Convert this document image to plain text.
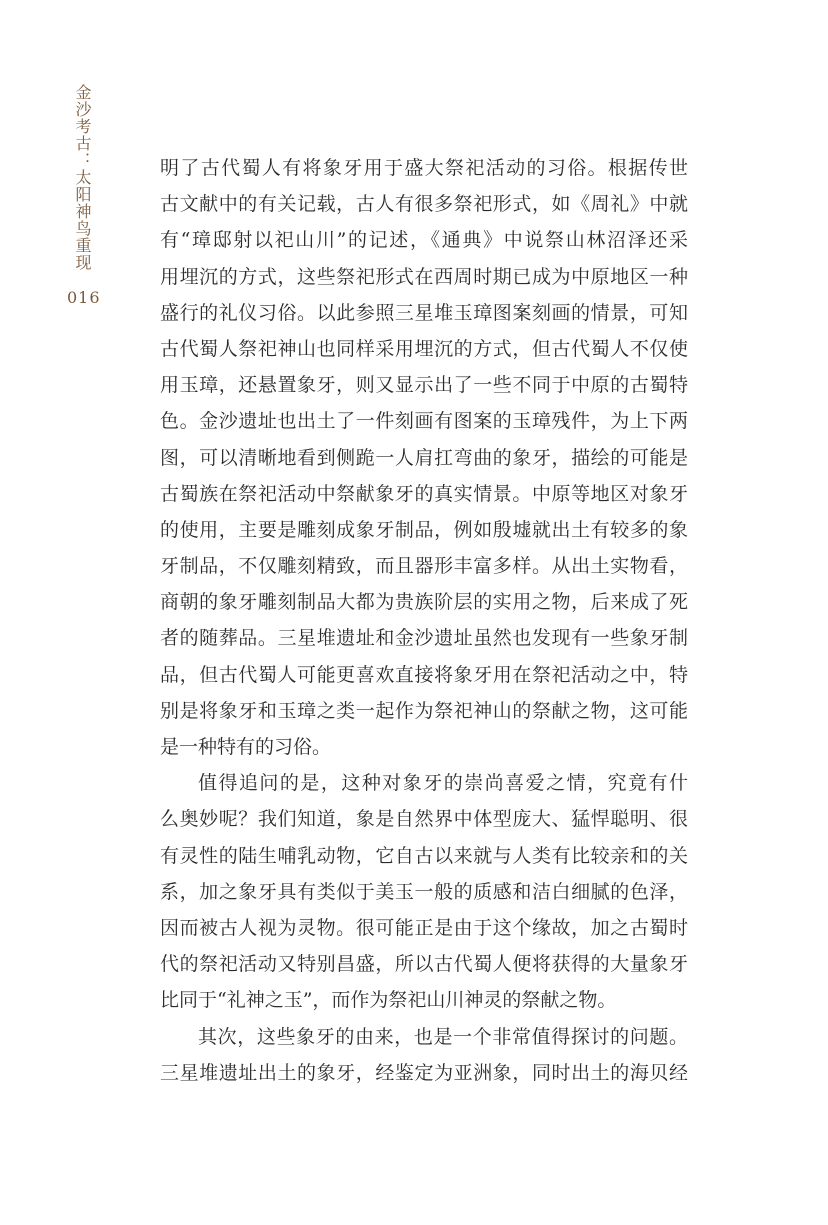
金沙考古：太阳神鸟重现
016
明了古代蜀人有将象牙用于盛大祭祀活动的习俗。根据传世
古文献中的有关记载，古人有很多祭祀形式，如《周礼》中就
有“璋邸射以祀山川”的记述，《通典》中说祭山林沼泽还采
用埋沉的方式，这些祭祀形式在西周时期已成为中原地区一种
盛行的礼仪习俗。以此参照三星堆玉璋图案刻画的情景，可知
古代蜀人祭祀神山也同样采用埋沉的方式，但古代蜀人不仅使
用玉璋，还悬置象牙，则又显示出了一些不同于中原的古蜀特
色。金沙遗址也出土了一件刻画有图案的玉璋残件，为上下两
图，可以清晰地看到侧跪一人肩扛弯曲的象牙，描绘的可能是
古蜀族在祭祀活动中祭献象牙的真实情景。中原等地区对象牙
的使用，主要是雕刻成象牙制品，例如殷墟就出土有较多的象
牙制品，不仅雕刻精致，而且器形丰富多样。从出土实物看，
商朝的象牙雕刻制品大都为贵族阶层的实用之物，后来成了死
者的随葬品。三星堆遗址和金沙遗址虽然也发现有一些象牙制
品，但古代蜀人可能更喜欢直接将象牙用在祭祀活动之中，特
别是将象牙和玉璋之类一起作为祭祀神山的祭献之物，这可能
是一种特有的习俗。
值得追问的是，这种对象牙的崇尚喜爱之情，究竟有什
么奥妙呢？我们知道，象是自然界中体型庞大、猛悍聪明、很
有灵性的陆生哺乳动物，它自古以来就与人类有比较亲和的关
系，加之象牙具有类似于美玉一般的质感和洁白细腻的色泽，
因而被古人视为灵物。很可能正是由于这个缘故，加之古蜀时
代的祭祀活动又特别昌盛，所以古代蜀人便将获得的大量象牙
比同于“礼神之玉”，而作为祭祀山川神灵的祭献之物。
其次，这些象牙的由来，也是一个非常值得探讨的问题。
三星堆遗址出土的象牙，经鉴定为亚洲象，同时出土的海贝经
